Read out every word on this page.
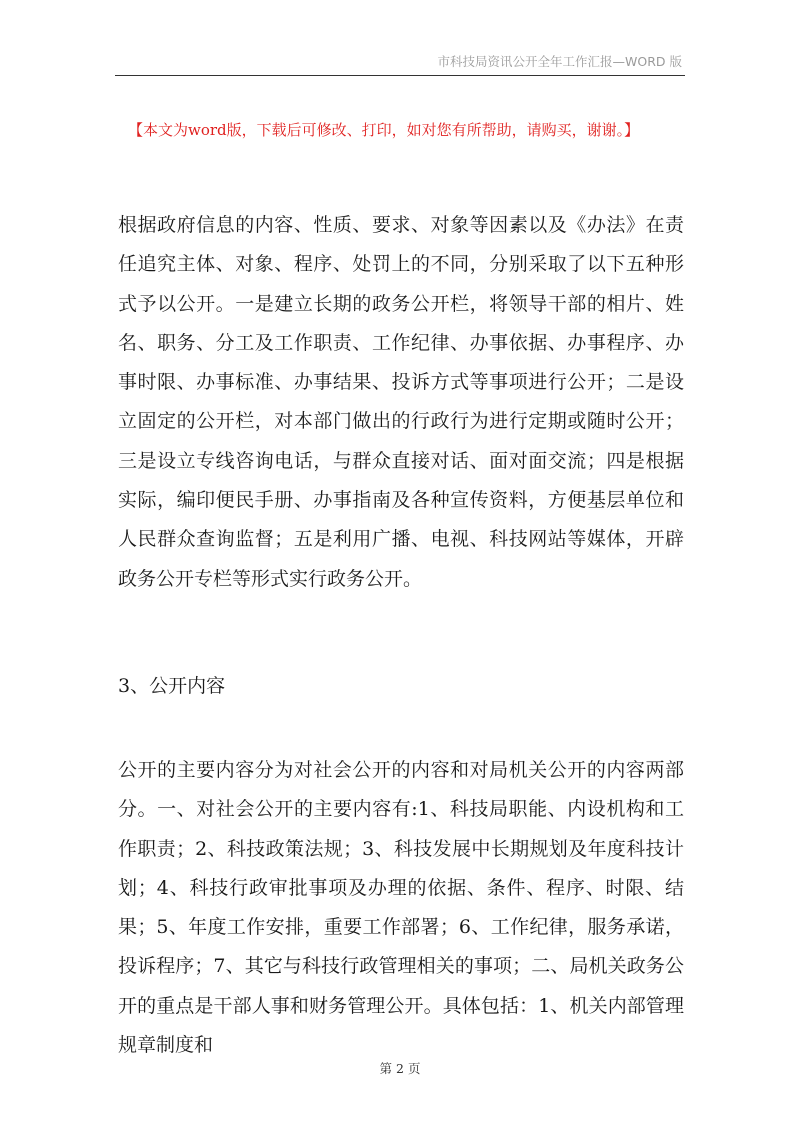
市科技局资讯公开全年工作汇报—WORD 版
【本文为word版，下载后可修改、打印，如对您有所帮助，请购买，谢谢。】

根据政府信息的内容、性质、要求、对象等因素以及《办法》在责任追究主体、对象、程序、处罚上的不同，分别采取了以下五种形式予以公开。一是建立长期的政务公开栏，将领导干部的相片、姓名、职务、分工及工作职责、工作纪律、办事依据、办事程序、办事时限、办事标准、办事结果、投诉方式等事项进行公开；二是设立固定的公开栏，对本部门做出的行政行为进行定期或随时公开；三是设立专线咨询电话，与群众直接对话、面对面交流；四是根据实际，编印便民手册、办事指南及各种宣传资料，方便基层单位和人民群众查询监督；五是利用广播、电视、科技网站等媒体，开辟政务公开专栏等形式实行政务公开。

3、公开内容

公开的主要内容分为对社会公开的内容和对局机关公开的内容两部分。一、对社会公开的主要内容有:1、科技局职能、内设机构和工作职责；2、科技政策法规；3、科技发展中长期规划及年度科技计划；4、科技行政审批事项及办理的依据、条件、程序、时限、结果；5、年度工作安排，重要工作部署；6、工作纪律，服务承诺，投诉程序；7、其它与科技行政管理相关的事项；二、局机关政务公开的重点是干部人事和财务管理公开。具体包括：1、机关内部管理规章制度和

第 2 页
